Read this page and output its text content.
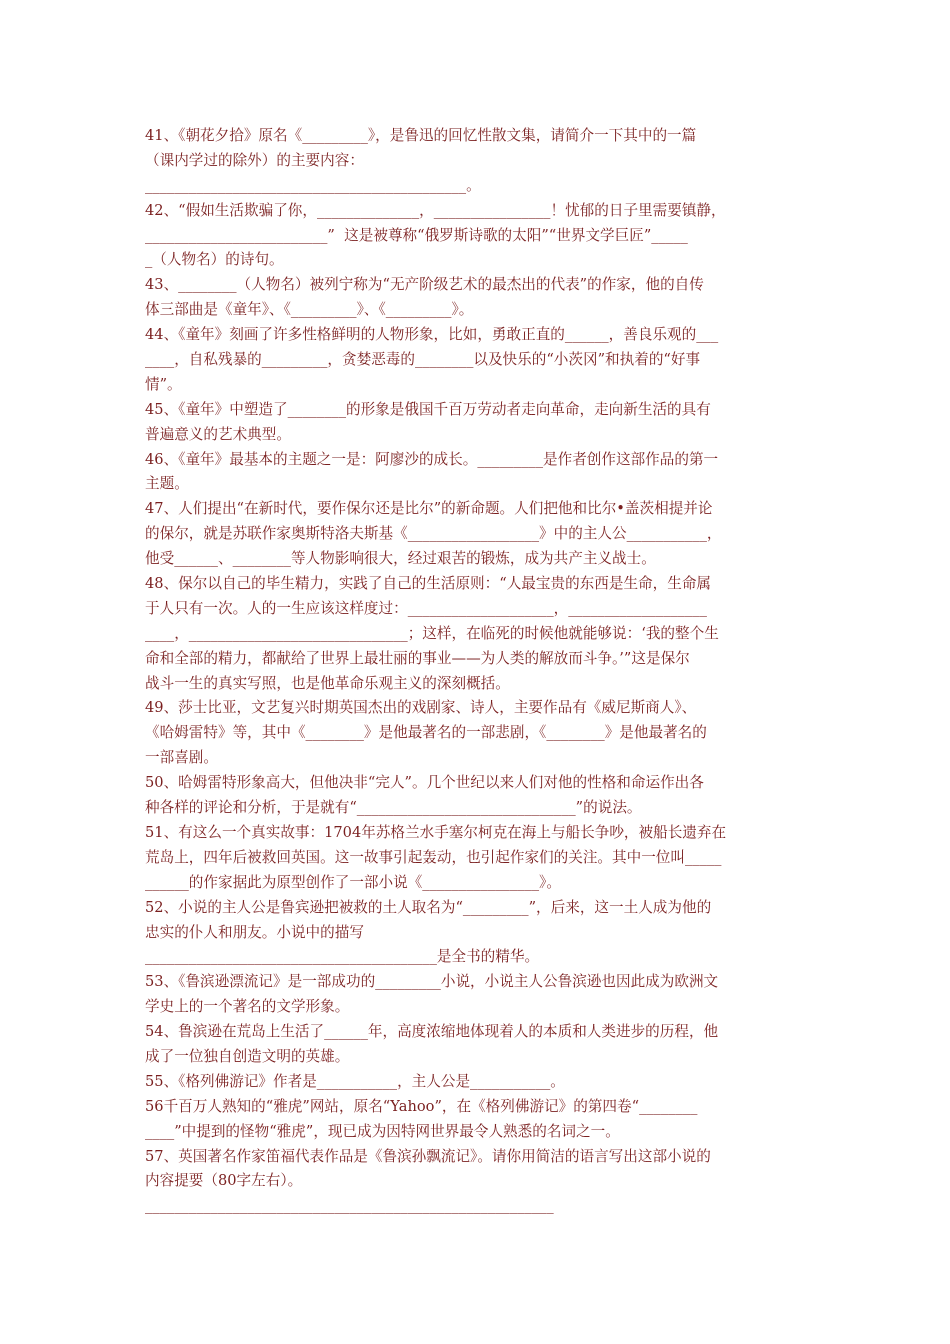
41、《朝花夕拾》原名《_________》，是鲁迅的回忆性散文集，请简介一下其中的一篇
（课内学过的除外）的主要内容：
____________________________________________。
42、“假如生活欺骗了你，______________，________________！忧郁的日子里需要镇静，
_________________________”  这是被尊称“俄罗斯诗歌的太阳”“世界文学巨匠”_____
_（人物名）的诗句。
43、________（人物名）被列宁称为“无产阶级艺术的最杰出的代表”的作家，他的自传
体三部曲是《童年》、《_________》、《_________》。
44、《童年》刻画了许多性格鲜明的人物形象，比如，勇敢正直的______，善良乐观的___
____，自私残暴的_________，贪婪恶毒的________以及快乐的“小茨冈”和执着的“好事
情”。
45、《童年》中塑造了________的形象是俄国千百万劳动者走向革命，走向新生活的具有
普遍意义的艺术典型。
46、《童年》最基本的主题之一是：阿廖沙的成长。_________是作者创作这部作品的第一
主题。
47、人们提出“在新时代，要作保尔还是比尔”的新命题。人们把他和比尔•盖茨相提并论
的保尔，就是苏联作家奥斯特洛夫斯基《__________________》中的主人公___________，
他受______、________等人物影响很大，经过艰苦的锻炼，成为共产主义战士。
48、保尔以自己的毕生精力，实践了自己的生活原则：“人最宝贵的东西是生命，生命属
于人只有一次。人的一生应该这样度过：____________________，___________________
____，______________________________；这样，在临死的时候他就能够说：‘我的整个生
命和全部的精力，都献给了世界上最壮丽的事业——为人类的解放而斗争。’”这是保尔
战斗一生的真实写照，也是他革命乐观主义的深刻概括。
49、莎士比亚，文艺复兴时期英国杰出的戏剧家、诗人，主要作品有《威尼斯商人》、
《哈姆雷特》等，其中《________》是他最著名的一部悲剧，《________》是他最著名的
一部喜剧。
50、哈姆雷特形象高大，但他决非“完人”。几个世纪以来人们对他的性格和命运作出各
种各样的评论和分析，于是就有“______________________________”的说法。
51、有这么一个真实故事：1704年苏格兰水手塞尔柯克在海上与船长争吵，被船长遗弃在
荒岛上，四年后被救回英国。这一故事引起轰动，也引起作家们的关注。其中一位叫_____
______的作家据此为原型创作了一部小说《________________》。
52、小说的主人公是鲁宾逊把被救的土人取名为“_________”，后来，这一土人成为他的
忠实的仆人和朋友。小说中的描写
________________________________________是全书的精华。
53、《鲁滨逊漂流记》是一部成功的_________小说，小说主人公鲁滨逊也因此成为欧洲文
学史上的一个著名的文学形象。
54、鲁滨逊在荒岛上生活了______年，高度浓缩地体现着人的本质和人类进步的历程，他
成了一位独自创造文明的英雄。
55、《格列佛游记》作者是___________，主人公是___________。
56千百万人熟知的“雅虎”网站，原名“Yahoo”，在《格列佛游记》的第四卷“________
____”中提到的怪物“雅虎”，现已成为因特网世界最令人熟悉的名词之一。
57、英国著名作家笛福代表作品是《鲁滨孙飘流记》。请你用简洁的语言写出这部小说的
内容提要（80字左右）。
________________________________________________________
